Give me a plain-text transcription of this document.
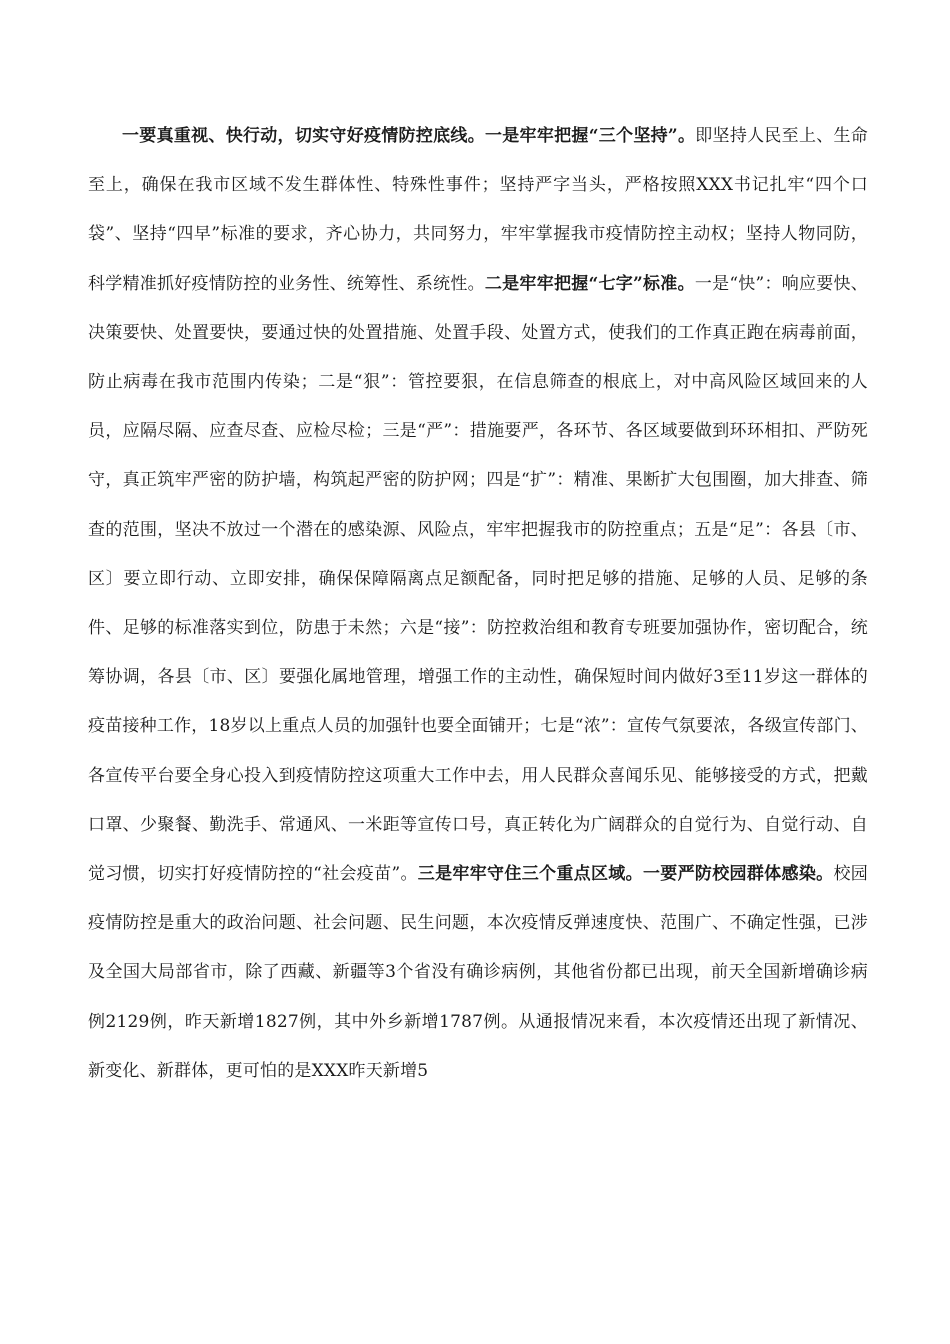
一要真重视、快行动，切实守好疫情防控底线。一是牢牢把握“三个坚持”。即坚持人民至上、生命至上，确保在我市区域不发生群体性、特殊性事件；坚持严字当头，严格按照XXX书记扎牢“四个口袋”、坚持“四早”标准的要求，齐心协力，共同努力，牢牢掌握我市疫情防控主动权；坚持人物同防，科学精准抓好疫情防控的业务性、统筹性、系统性。二是牢牢把握“七字”标准。一是“快”：响应要快、决策要快、处置要快，要通过快的处置措施、处置手段、处置方式，使我们的工作真正跑在病毒前面，防止病毒在我市范围内传染；二是“狠”：管控要狠，在信息筛查的根底上，对中高风险区域回来的人员，应隔尽隔、应查尽查、应检尽检；三是“严”：措施要严，各环节、各区域要做到环环相扣、严防死守，真正筑牢严密的防护墙，构筑起严密的防护网；四是“扩”：精准、果断扩大包围圈，加大排查、筛查的范围，坚决不放过一个潜在的感染源、风险点，牢牢把握我市的防控重点；五是“足”：各县〔市、区〕要立即行动、立即安排，确保保障隔离点足额配备，同时把足够的措施、足够的人员、足够的条件、足够的标准落实到位，防患于未然；六是“接”：防控救治组和教育专班要加强协作，密切配合，统筹协调，各县〔市、区〕要强化属地管理，增强工作的主动性，确保短时间内做好3至11岁这一群体的疫苗接种工作，18岁以上重点人员的加强针也要全面铺开；七是“浓”：宣传气氛要浓，各级宣传部门、各宣传平台要全身心投入到疫情防控这项重大工作中去，用人民群众喜闻乐见、能够接受的方式，把戴口罩、少聚餐、勤洗手、常通风、一米距等宣传口号，真正转化为广阔群众的自觉行为、自觉行动、自觉习惯，切实打好疫情防控的“社会疫苗”。三是牢牢守住三个重点区域。一要严防校园群体感染。校园疫情防控是重大的政治问题、社会问题、民生问题，本次疫情反弹速度快、范围广、不确定性强，已涉及全国大局部省市，除了西藏、新疆等3个省没有确诊病例，其他省份都已出现，前天全国新增确诊病例2129例，昨天新增1827例，其中外乡新增1787例。从通报情况来看，本次疫情还出现了新情况、新变化、新群体，更可怕的是XXX昨天新增5
